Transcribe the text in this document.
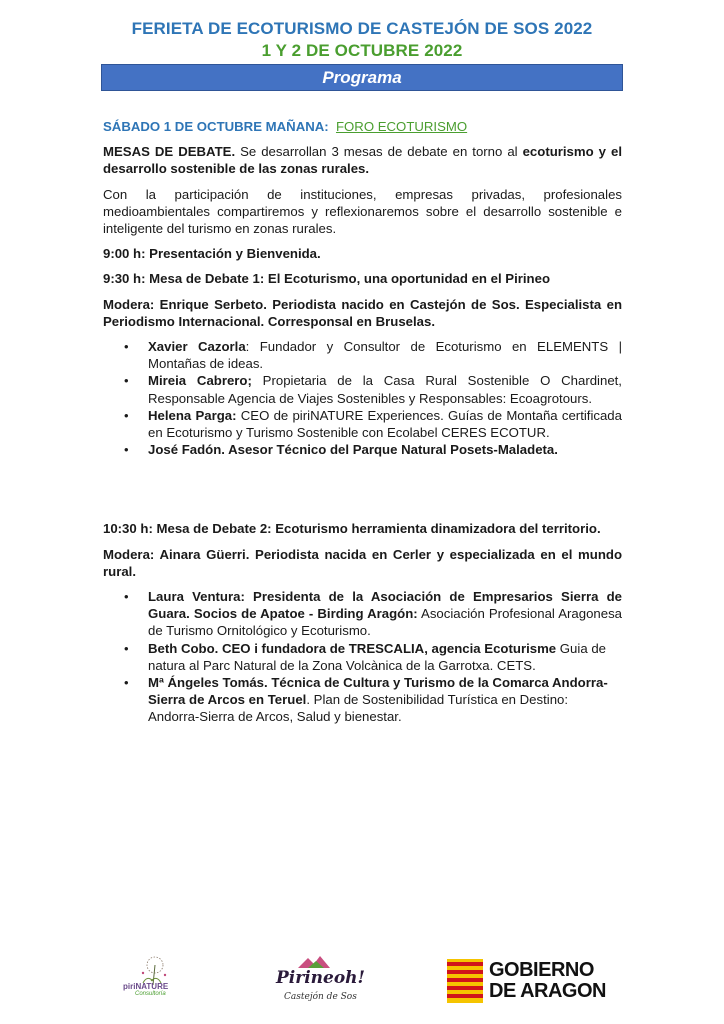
FERIETA DE ECOTURISMO DE CASTEJÓN DE SOS 2022
1 Y 2 DE OCTUBRE 2022
Programa

SÁBADO 1 DE OCTUBRE MAÑANA: FORO ECOTURISMO

MESAS DE DEBATE. Se desarrollan 3 mesas de debate en torno al ecoturismo y el desarrollo sostenible de las zonas rurales.

Con la participación de instituciones, empresas privadas, profesionales medioambientales compartiremos y reflexionaremos sobre el desarrollo sostenible e inteligente del turismo en zonas rurales.

9:00 h: Presentación y Bienvenida.

9:30 h: Mesa de Debate 1: El Ecoturismo, una oportunidad en el Pirineo

Modera: Enrique Serbeto. Periodista nacido en Castejón de Sos. Especialista en Periodismo Internacional. Corresponsal en Bruselas.

• Xavier Cazorla: Fundador y Consultor de Ecoturismo en ELEMENTS | Montañas de ideas.
• Mireia Cabrero; Propietaria de la Casa Rural Sostenible O Chardinet, Responsable Agencia de Viajes Sostenibles y Responsables: Ecoagrotours.
• Helena Parga: CEO de piriNATURE Experiences. Guías de Montaña certificada en Ecoturismo y Turismo Sostenible con Ecolabel CERES ECOTUR.
• José Fadón. Asesor Técnico del Parque Natural Posets-Maladeta.

10:30 h: Mesa de Debate 2: Ecoturismo herramienta dinamizadora del territorio.

Modera: Ainara Güerri. Periodista nacida en Cerler y especializada en el mundo rural.

• Laura Ventura: Presidenta de la Asociación de Empresarios Sierra de Guara. Socios de Apatoe - Birding Aragón: Asociación Profesional Aragonesa de Turismo Ornitológico y Ecoturismo.
• Beth Cobo. CEO i fundadora de TRESCALIA, agencia Ecoturisme Guia de natura al Parc Natural de la Zona Volcànica de la Garrotxa. CETS.
• Mª Ángeles Tomás. Técnica de Cultura y Turismo de la Comarca Andorra-Sierra de Arcos en Teruel. Plan de Sostenibilidad Turística en Destino: Andorra-Sierra de Arcos, Salud y bienestar.
piriNATURE
Consultoría
Pirineoh!
Castejón de Sos
GOBIERNO
DE ARAGON
